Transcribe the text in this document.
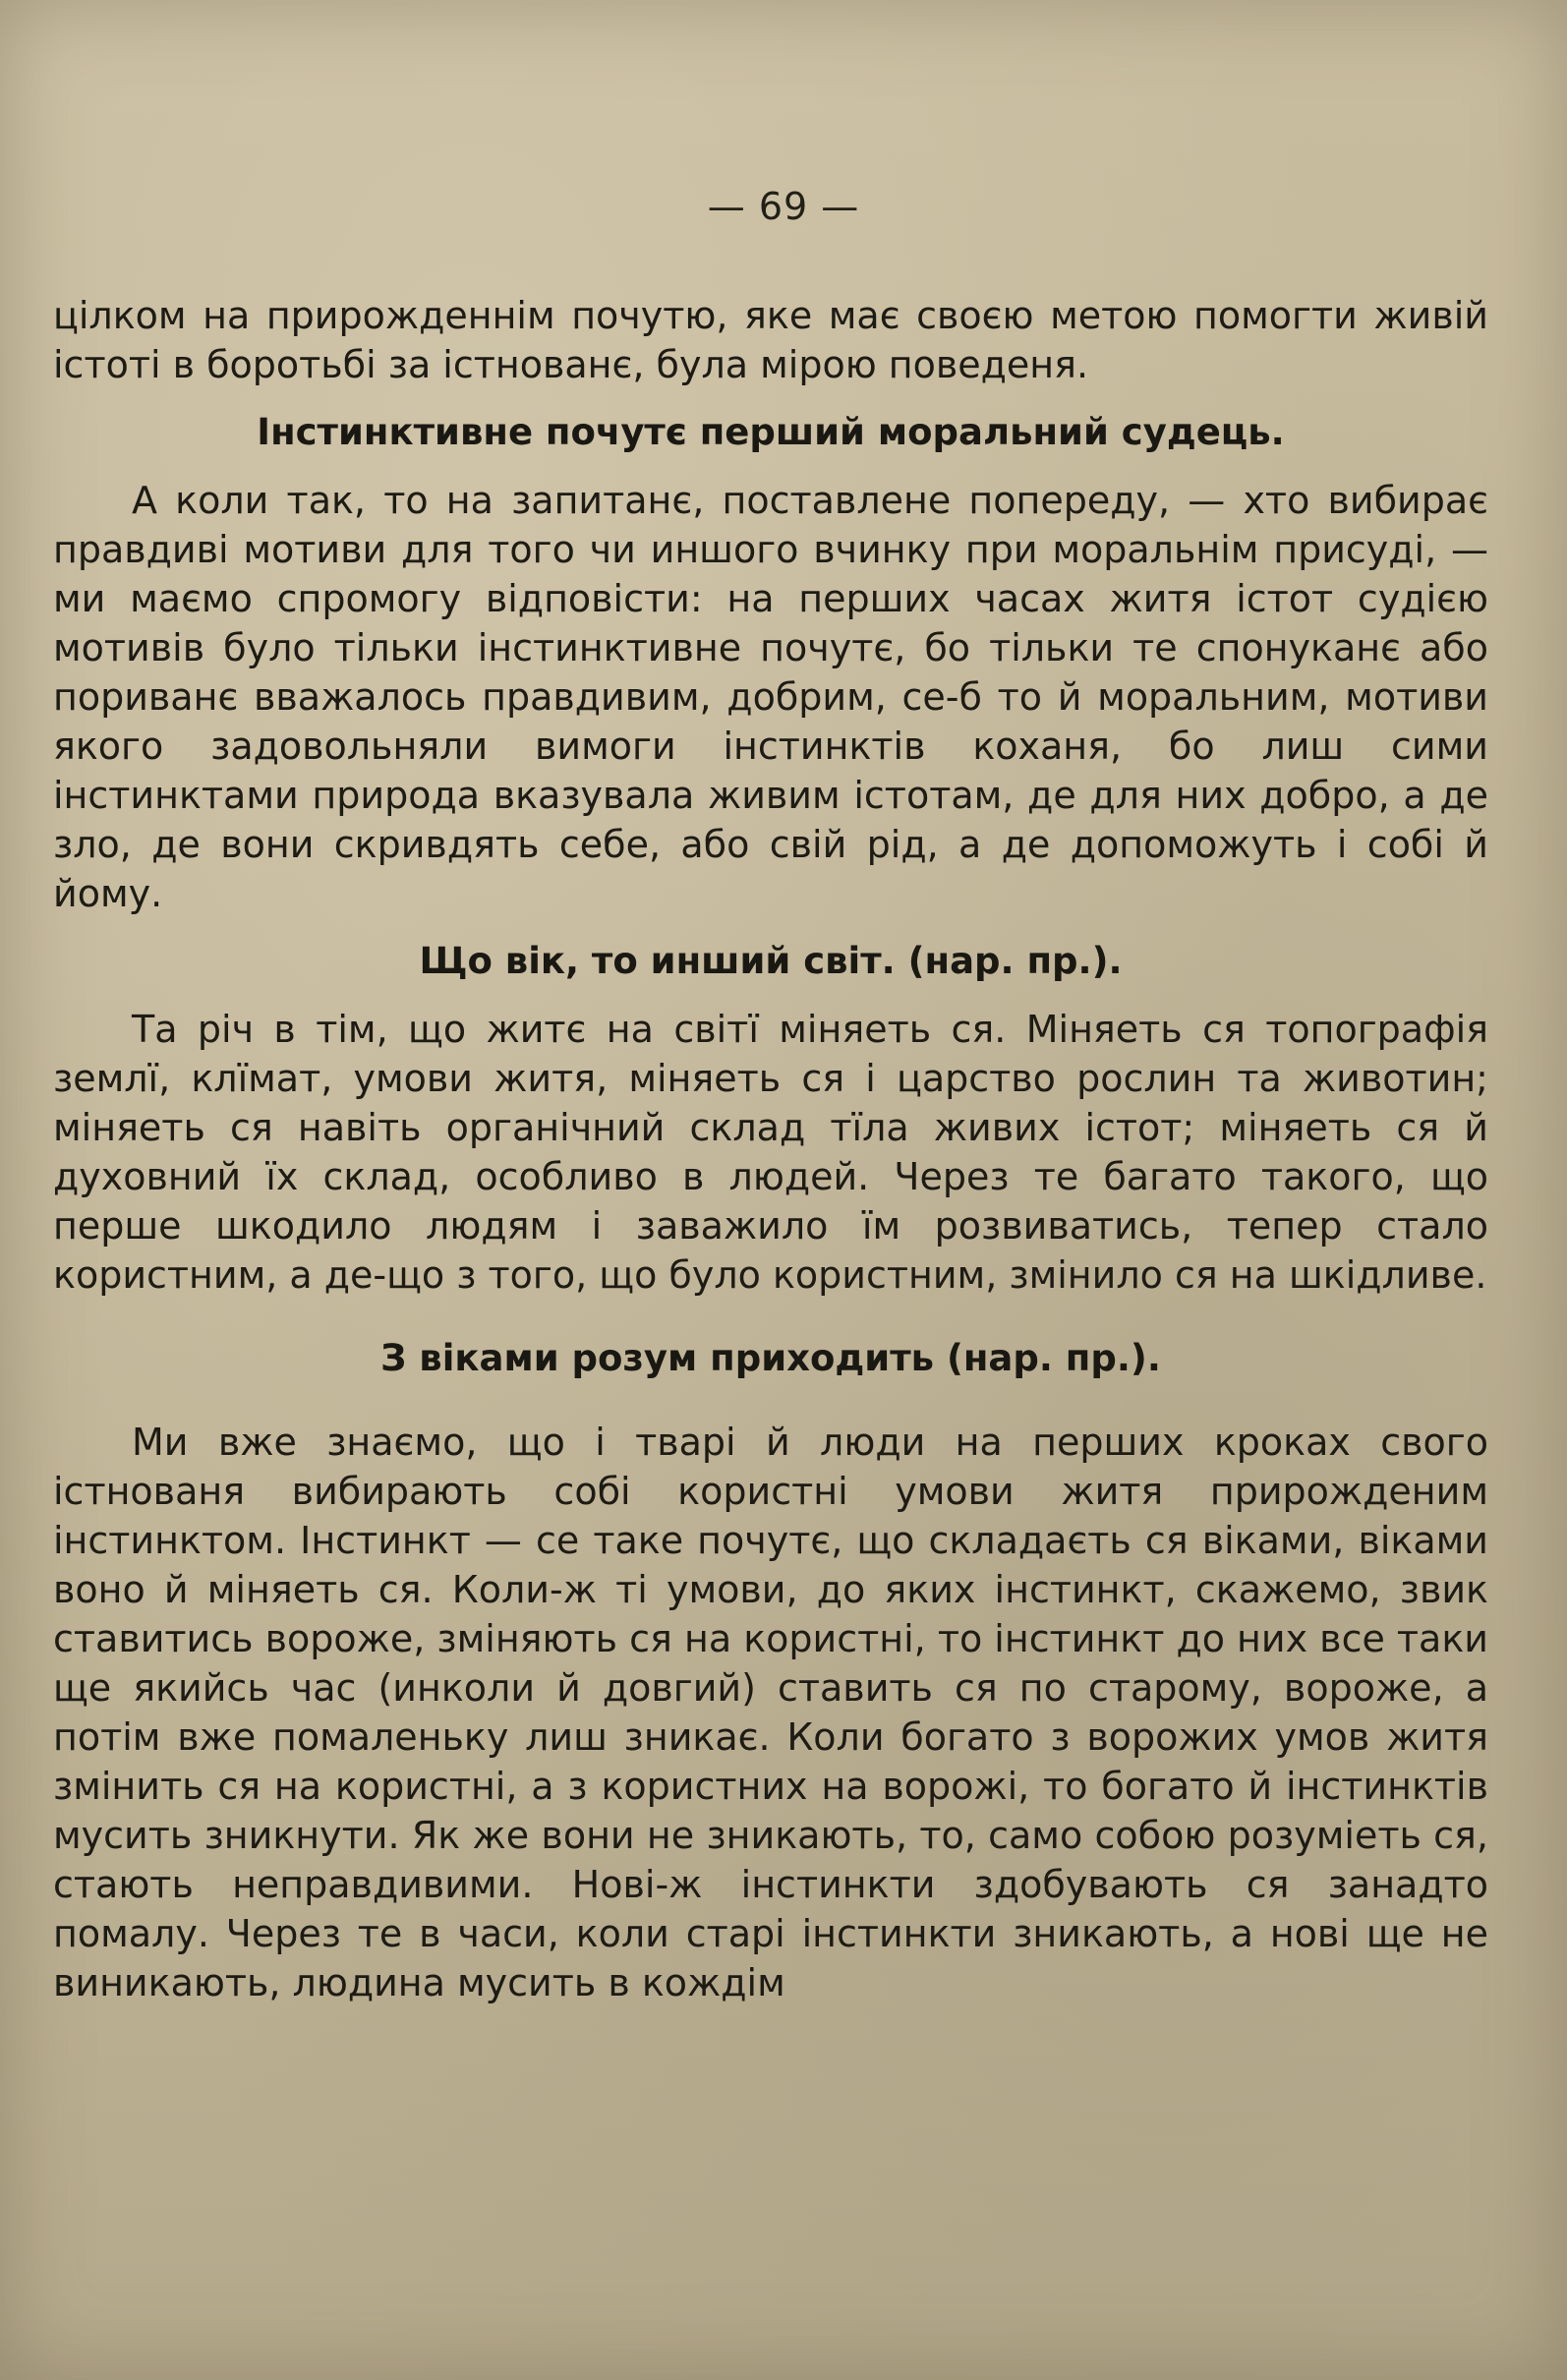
— 69 —

цілком на прирожденнім почутю, яке має своєю метою помогти живій істоті в боротьбі за істнованє, була мірою поведеня.

Інстинктивне почутє перший моральний судець.

А коли так, то на запитанє, поставлене попереду, — хто вибирає правдиві мотиви для того чи иншого вчинку при моральнім присуді, — ми маємо спромогу відповісти: на перших часах житя істот судією мотивів було тільки інстинктивне почутє, бо тільки те спонуканє або пориванє вважалось правдивим, добрим, се-б то й моральним, мотиви якого задовольняли вимоги інстинктів коханя, бо лиш сими інстинктами природа вказувала живим істотам, де для них добро, а де зло, де вони скривдять себе, або свій рід, а де допоможуть і собі й йому.

Що вік, то инший світ. (нар. пр.).

Та річ в тім, що житє на світї міняеть ся. Міняеть ся топографія землї, клїмат, умови житя, міняеть ся і царство рослин та животин; міняеть ся навіть органічний склад тїла живих істот; міняеть ся й духовний їх склад, особливо в людей. Через те багато такого, що перше шкодило людям і заважило їм розвиватись, тепер стало користним, а де-що з того, що було користним, змінило ся на шкідливе.

З віками розум приходить (нар. пр.).

Ми вже знаємо, що і тварі й люди на перших кроках свого істнованя вибирають собі користні умови житя прирожденим інстинктом. Інстинкт — се таке почутє, що складаєть ся віками, віками воно й міняеть ся. Коли-ж ті умови, до яких інстинкт, скажемо, звик ставитись вороже, зміняють ся на користні, то інстинкт до них все таки ще якийсь час (инколи й довгий) ставить ся по старому, вороже, а потім вже помаленьку лиш зникає. Коли богато з ворожих умов житя змінить ся на користні, а з користних на ворожі, то богато й інстинктів мусить зникнути. Як же вони не зникають, то, само собою розуміеть ся, стають неправдивими. Нові-ж інстинкти здобувають ся занадто помалу. Через те в часи, коли старі інстинкти зникають, а нові ще не виникають, людина мусить в кождім
